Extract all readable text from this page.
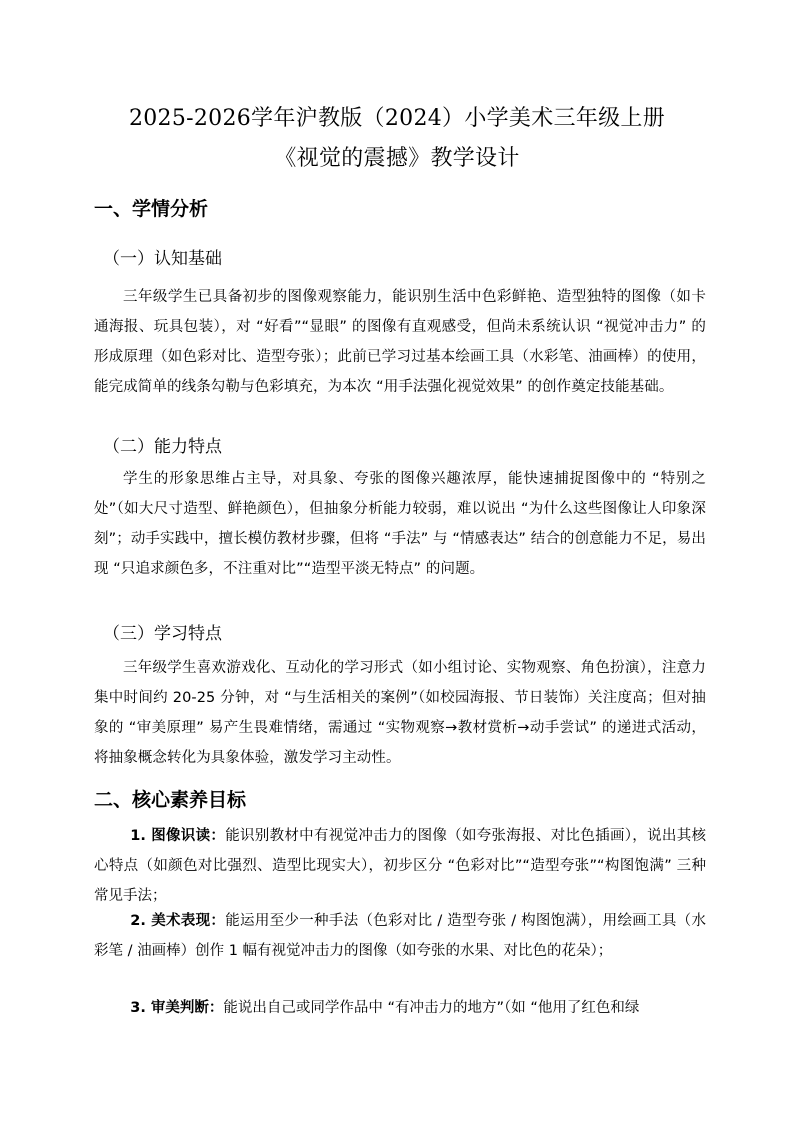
2025-2026学年沪教版（2024）小学美术三年级上册
《视觉的震撼》教学设计
一、学情分析
（一）认知基础
三年级学生已具备初步的图像观察能力，能识别生活中色彩鲜艳、造型独特的图像（如卡通海报、玩具包装），对 “好看”“显眼” 的图像有直观感受，但尚未系统认识 “视觉冲击力” 的形成原理（如色彩对比、造型夸张）；此前已学习过基本绘画工具（水彩笔、油画棒）的使用，能完成简单的线条勾勒与色彩填充，为本次 “用手法强化视觉效果” 的创作奠定技能基础。
（二）能力特点
学生的形象思维占主导，对具象、夸张的图像兴趣浓厚，能快速捕捉图像中的 “特别之处”（如大尺寸造型、鲜艳颜色），但抽象分析能力较弱，难以说出 “为什么这些图像让人印象深刻”；动手实践中，擅长模仿教材步骤，但将 “手法” 与 “情感表达” 结合的创意能力不足，易出现 “只追求颜色多，不注重对比”“造型平淡无特点” 的问题。
（三）学习特点
三年级学生喜欢游戏化、互动化的学习形式（如小组讨论、实物观察、角色扮演），注意力集中时间约 20-25 分钟，对 “与生活相关的案例”（如校园海报、节日装饰）关注度高；但对抽象的 “审美原理” 易产生畏难情绪，需通过 “实物观察→教材赏析→动手尝试” 的递进式活动，将抽象概念转化为具象体验，激发学习主动性。
二、核心素养目标
1. 图像识读：能识别教材中有视觉冲击力的图像（如夸张海报、对比色插画），说出其核心特点（如颜色对比强烈、造型比现实大），初步区分 “色彩对比”“造型夸张”“构图饱满” 三种常见手法；
2. 美术表现：能运用至少一种手法（色彩对比 / 造型夸张 / 构图饱满），用绘画工具（水彩笔 / 油画棒）创作 1 幅有视觉冲击力的图像（如夸张的水果、对比色的花朵）；
3. 审美判断：能说出自己或同学作品中 “有冲击力的地方”（如 “他用了红色和绿
